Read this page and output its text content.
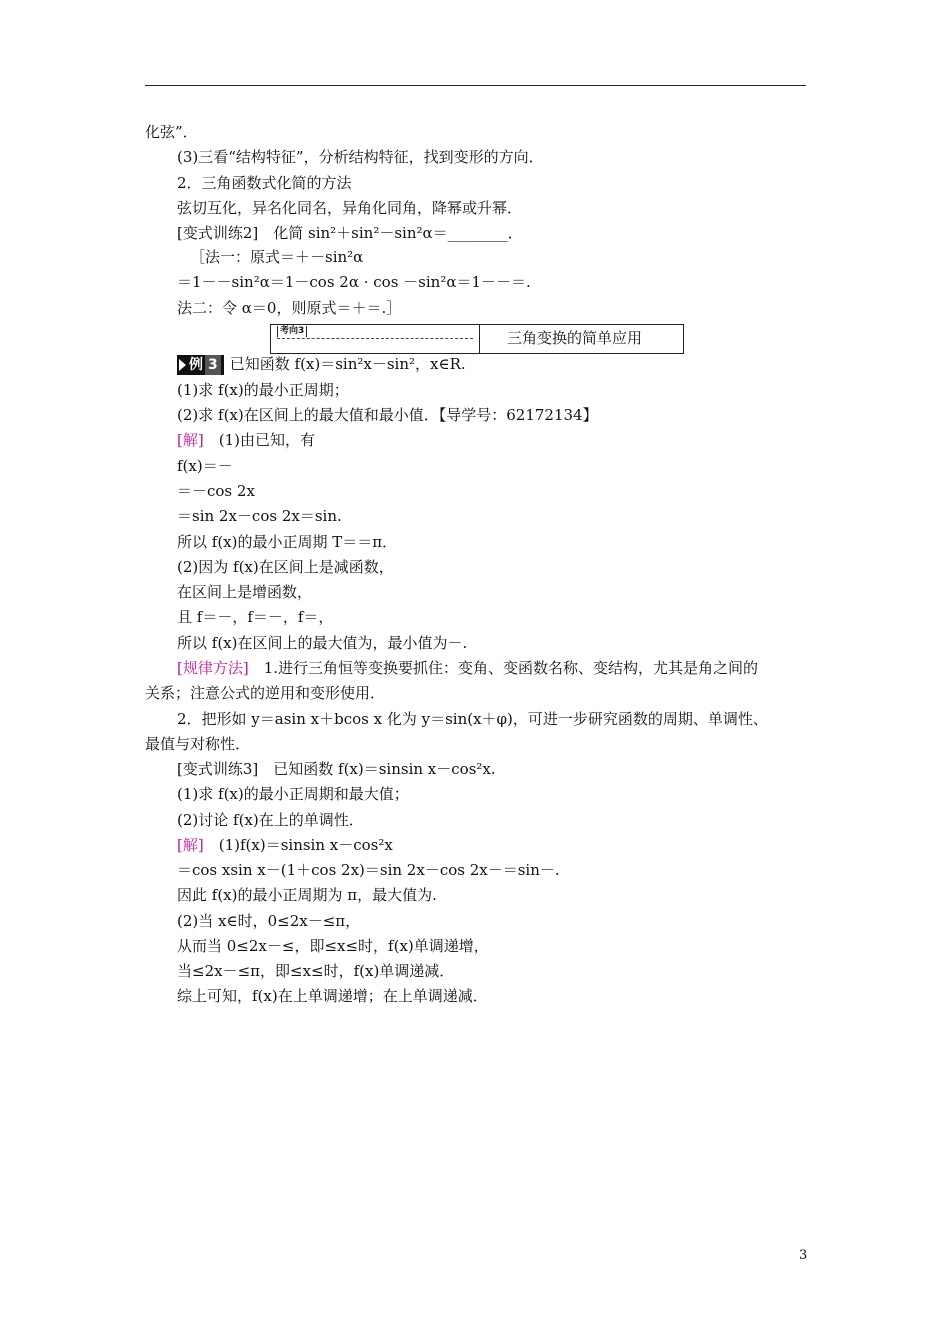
化弦”．
(3)三看“结构特征”，分析结构特征，找到变形的方向．
2．三角函数式化简的方法
弦切互化，异名化同名，异角化同角，降幂或升幂．
[变式训练2]　化简 sin²＋sin²－sin²α＝________．
［法一：原式＝＋－sin²α
＝1－－sin²α＝1－cos 2α · cos －sin²α＝1－－＝.
法二：令 α＝0，则原式＝＋＝.］
考向3	三角变换的简单应用
例 3 已知函数 f(x)＝sin²x－sin²，x∈R.
(1)求 f(x)的最小正周期；
(2)求 f(x)在区间上的最大值和最小值．【导学号：62172134】
[解]　 (1)由已知，有
f(x)＝－
＝－cos 2x
＝sin 2x－cos 2x＝sin.
所以 f(x)的最小正周期 T＝＝π．
(2)因为 f(x)在区间上是减函数，
在区间上是增函数，
且 f＝－，f＝－，f＝，
所以 f(x)在区间上的最大值为，最小值为－.
[规律方法]　 1.进行三角恒等变换要抓住：变角、变函数名称、变结构，尤其是角之间的
关系；注意公式的逆用和变形使用．
2．把形如 y＝asin x＋bcos x 化为 y＝sin(x＋φ)，可进一步研究函数的周期、单调性、
最值与对称性．
[变式训练3]　已知函数 f(x)＝sinsin x－cos²x.
(1)求 f(x)的最小正周期和最大值；
(2)讨论 f(x)在上的单调性．
[解]　 (1)f(x)＝sinsin x－cos²x
＝cos xsin x－(1＋cos 2x)＝sin 2x－cos 2x－＝sin－.
因此 f(x)的最小正周期为 π，最大值为.
(2)当 x∈时，0≤2x－≤π，
从而当 0≤2x－≤，即≤x≤时，f(x)单调递增，
当≤2x－≤π，即≤x≤时，f(x)单调递减．
综上可知，f(x)在上单调递增；在上单调递减．
3
